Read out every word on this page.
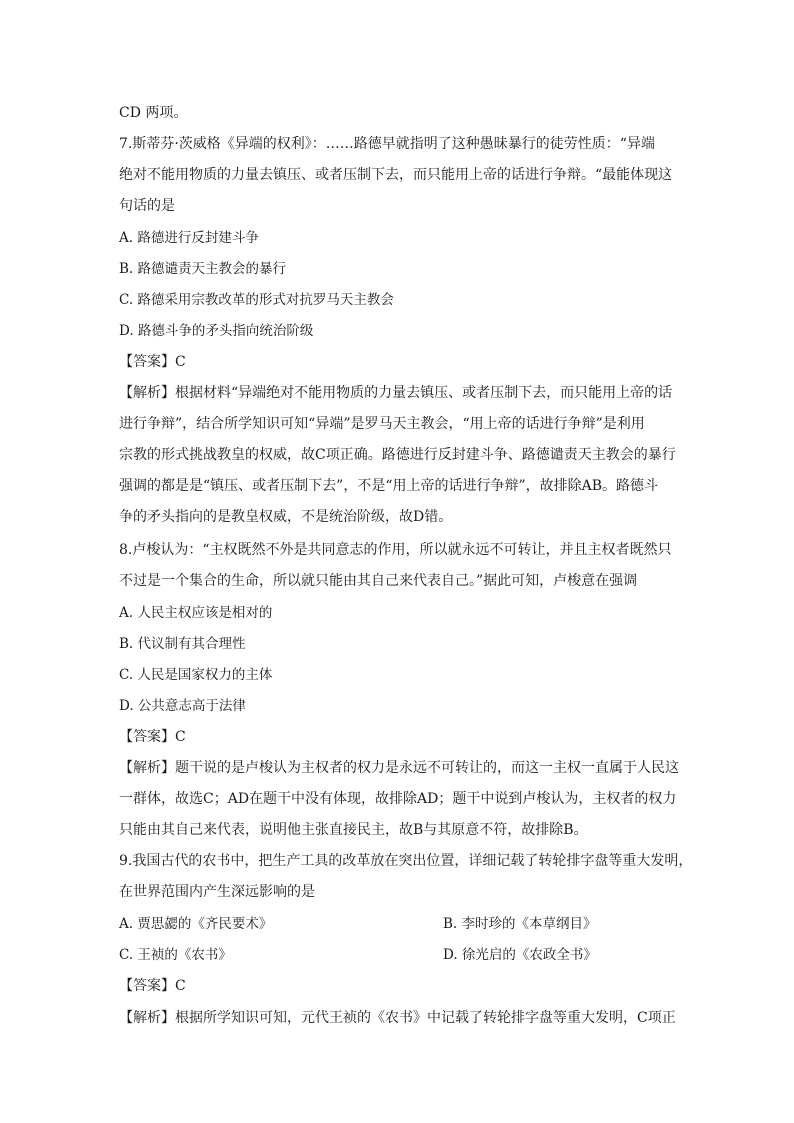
CD 两项。
7.斯蒂芬·茨威格《异端的权利》：……路德早就指明了这种愚昧暴行的徒劳性质：“异端
绝对不能用物质的力量去镇压、或者压制下去，而只能用上帝的话进行争辩。“最能体现这
句话的是
A. 路德进行反封建斗争
B. 路德谴责天主教会的暴行
C. 路德采用宗教改革的形式对抗罗马天主教会
D. 路德斗争的矛头指向统治阶级
【答案】C
【解析】根据材料“异端绝对不能用物质的力量去镇压、或者压制下去，而只能用上帝的话
进行争辩”，结合所学知识可知“异端”是罗马天主教会，“用上帝的话进行争辩”是利用
宗教的形式挑战教皇的权威，故C项正确。路德进行反封建斗争、路德谴责天主教会的暴行
强调的都是是“镇压、或者压制下去”，不是“用上帝的话进行争辩”，故排除AB。路德斗
争的矛头指向的是教皇权威，不是统治阶级，故D错。
8.卢梭认为：“主权既然不外是共同意志的作用，所以就永远不可转让，并且主权者既然只
不过是一个集合的生命，所以就只能由其自己来代表自己。”据此可知，卢梭意在强调
A. 人民主权应该是相对的
B. 代议制有其合理性
C. 人民是国家权力的主体
D. 公共意志高于法律
【答案】C
【解析】题干说的是卢梭认为主权者的权力是永远不可转让的，而这一主权一直属于人民这
一群体，故选C；AD在题干中没有体现，故排除AD；题干中说到卢梭认为，主权者的权力
只能由其自己来代表，说明他主张直接民主，故B与其原意不符，故排除B。
9.我国古代的农书中，把生产工具的改革放在突出位置，详细记载了转轮排字盘等重大发明，
在世界范围内产生深远影响的是
A. 贾思勰的《齐民要术》	B. 李时珍的《本草纲目》
C. 王祯的《农书》	D. 徐光启的《农政全书》
【答案】C
【解析】根据所学知识可知，元代王祯的《农书》中记载了转轮排字盘等重大发明，C项正
